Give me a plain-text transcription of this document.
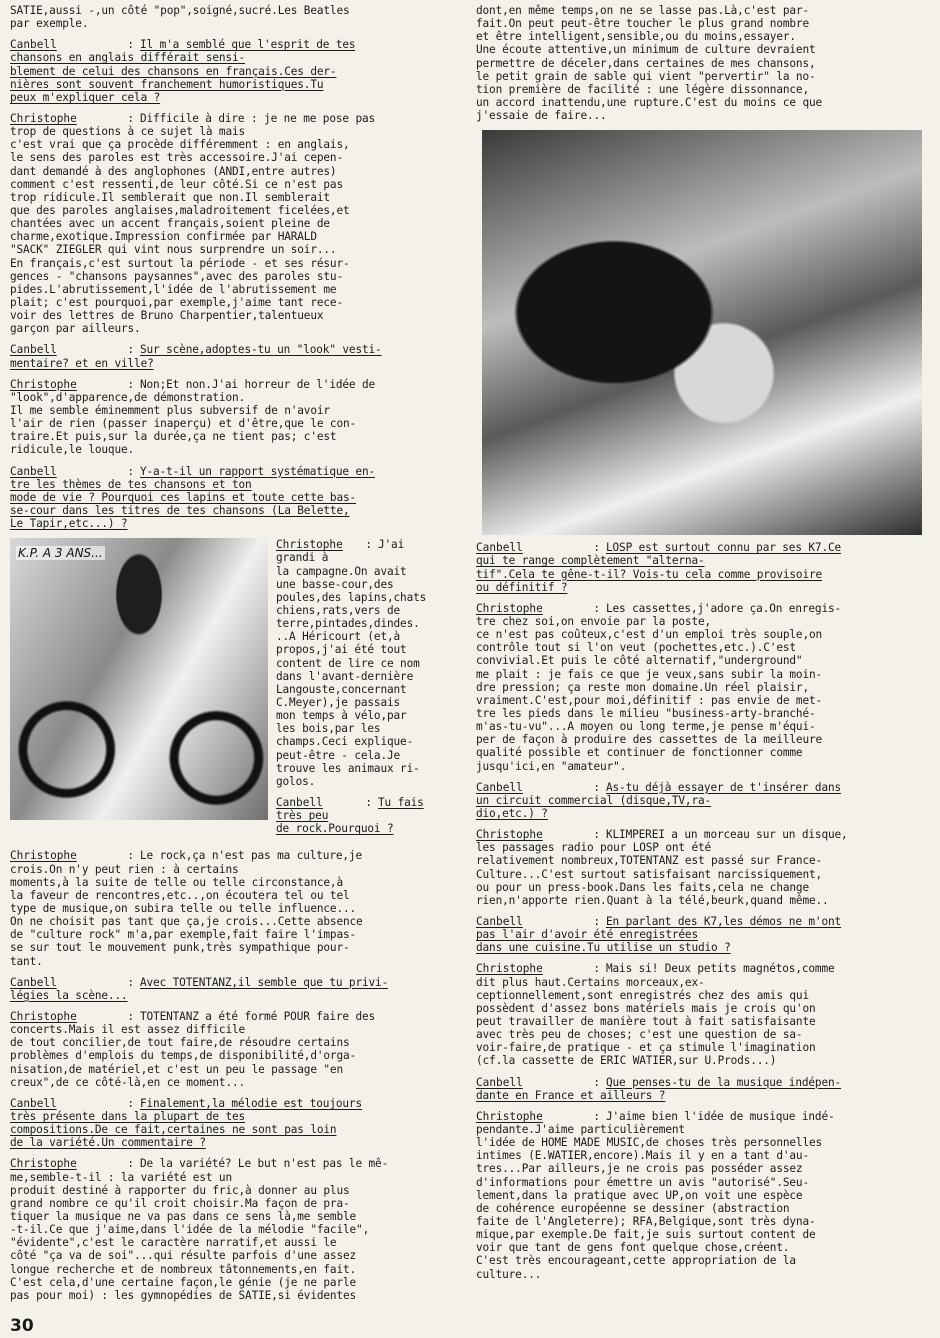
SATIE,aussi -,un côté "pop",soigné,sucré.Les Beatles
par exemple.
Canbell :	Il m'a semblé que l'esprit de tes
chansons en anglais différait sensi-
blement de celui des chansons en français.Ces der-
nières sont souvent franchement humoristiques.Tu
peux m'expliquer cela ?
Christophe :	Difficile à dire : je ne me pose pas
trop de questions à ce sujet là mais
c'est vrai que ça procède différemment : en anglais,
le sens des paroles est très accessoire.J'ai cepen-
dant demandé à des anglophones (ANDI,entre autres)
comment c'est ressenti,de leur côté.Si ce n'est pas
trop ridicule.Il semblerait que non.Il semblerait
que des paroles anglaises,maladroitement ficelées,et
chantées avec un accent français,soient pleine de
charme,exotique.Impression confirmée par HARALD
"SACK" ZIEGLER qui vint nous surprendre un soir...
En français,c'est surtout la période - et ses résur-
gences - "chansons paysannes",avec des paroles stu-
pides.L'abrutissement,l'idée de l'abrutissement me
plait; c'est pourquoi,par exemple,j'aime tant rece-
voir des lettres de Bruno Charpentier,talentueux
garçon par ailleurs.
Canbell :	Sur scène,adoptes-tu un "look" vesti-
mentaire? et en ville?
Christophe :	Non;Et non.J'ai horreur de l'idée de
"look",d'apparence,de démonstration.
Il me semble éminemment plus subversif de n'avoir
l'air de rien (passer inaperçu) et d'être,que le con-
traire.Et puis,sur la durée,ça ne tient pas; c'est
ridicule,le louque.
Canbell :	Y-a-t-il un rapport systématique en-
tre les thèmes de tes chansons et ton
mode de vie ? Pourquoi ces lapins et toute cette bas-
se-cour dans les titres de tes chansons (La Belette,
Le Tapir,etc...) ?
K.P. A 3 ANS...
Christophe :	J'ai
grandi à
la campagne.On avait
une basse-cour,des
poules,des lapins,chats
chiens,rats,vers de
terre,pintades,dindes.
..A Héricourt (et,à
propos,j'ai été tout
content de lire ce nom
dans l'avant-dernière
Langouste,concernant
C.Meyer),je passais
mon temps à vélo,par
les bois,par les
champs.Ceci explique-
peut-être - cela.Je
trouve les animaux ri-
golos.
Canbell :	Tu fais
très peu
de rock.Pourquoi ?
Christophe :	Le rock,ça n'est pas ma culture,je
crois.On n'y peut rien : à certains
moments,à la suite de telle ou telle circonstance,à
la faveur de rencontres,etc..,on écoutera tel ou tel
type de musique,on subira telle ou telle influence...
On ne choisit pas tant que ça,je crois...Cette absence
de "culture rock" m'a,par exemple,fait faire l'impas-
se sur tout le mouvement punk,très sympathique pour-
tant.
Canbell :	Avec TOTENTANZ,il semble que tu privi-
légies la scène...
Christophe :	TOTENTANZ a été formé POUR faire des
concerts.Mais il est assez difficile
de tout concilier,de tout faire,de résoudre certains
problèmes d'emplois du temps,de disponibilité,d'orga-
nisation,de matériel,et c'est un peu le passage "en
creux",de ce côté-là,en ce moment...
Canbell :	Finalement,la mélodie est toujours
très présente dans la plupart de tes
compositions.De ce fait,certaines ne sont pas loin
de la variété.Un commentaire ?
Christophe :	De la variété? Le but n'est pas le mê-
me,semble-t-il : la variété est un
produit destiné à rapporter du fric,à donner au plus
grand nombre ce qu'il croit choisir.Ma façon de pra-
tiquer la musique ne va pas dans ce sens là,me semble
-t-il.Ce que j'aime,dans l'idée de la mélodie "facile",
"évidente",c'est le caractère narratif,et aussi le
côté "ça va de soi"...qui résulte parfois d'une assez
longue recherche et de nombreux tâtonnements,en fait.
C'est cela,d'une certaine façon,le génie (je ne parle
pas pour moi) : les gymnopédies de SATIE,si évidentes
dont,en même temps,on ne se lasse pas.Là,c'est par-
fait.On peut peut-être toucher le plus grand nombre
et être intelligent,sensible,ou du moins,essayer.
Une écoute attentive,un minimum de culture devraient
permettre de déceler,dans certaines de mes chansons,
le petit grain de sable qui vient "pervertir" la no-
tion première de facilité : une légère dissonnance,
un accord inattendu,une rupture.C'est du moins ce que
j'essaie de faire...
Canbell :	LOSP est surtout connu par ses K7.Ce
qui te range complètement "alterna-
tif".Cela te gêne-t-il? Vois-tu cela comme provisoire
ou définitif ?
Christophe :	Les cassettes,j'adore ça.On enregis-
tre chez soi,on envoie par la poste,
ce n'est pas coûteux,c'est d'un emploi très souple,on
contrôle tout si l'on veut (pochettes,etc.).C'est
convivial.Et puis le côté alternatif,"underground"
me plait : je fais ce que je veux,sans subir la moin-
dre pression; ça reste mon domaine.Un réel plaisir,
vraiment.C'est,pour moi,définitif : pas envie de met-
tre les pieds dans le milieu "business-arty-branché-
m'as-tu-vu"...A moyen ou long terme,je pense m'équi-
per de façon à produire des cassettes de la meilleure
qualité possible et continuer de fonctionner comme
jusqu'ici,en "amateur".
Canbell :	As-tu déjà essayer de t'insérer dans
un circuit commercial (disque,TV,ra-
dio,etc.) ?
Christophe :	KLIMPEREI a un morceau sur un disque,
les passages radio pour LOSP ont été
relativement nombreux,TOTENTANZ est passé sur France-
Culture...C'est surtout satisfaisant narcissiquement,
ou pour un press-book.Dans les faits,cela ne change
rien,n'apporte rien.Quant à la télé,beurk,quand même..
Canbell :	En parlant des K7,les démos ne m'ont
pas l'air d'avoir été enregistrées
dans une cuisine.Tu utilise un studio ?
Christophe :	Mais si! Deux petits magnétos,comme
dit plus haut.Certains morceaux,ex-
ceptionnellement,sont enregistrés chez des amis qui
possèdent d'assez bons matériels mais je crois qu'on
peut travailler de manière tout à fait satisfaisante
avec très peu de choses; c'est une question de sa-
voir-faire,de pratique - et ça stimule l'imagination
(cf.la cassette de ERIC WATIER,sur U.Prods...)
Canbell :	Que penses-tu de la musique indépen-
dante en France et ailleurs ?
Christophe :	J'aime bien l'idée de musique indé-
pendante.J'aime particulièrement
l'idée de HOME MADE MUSIC,de choses très personnelles
intimes (E.WATIER,encore).Mais il y en a tant d'au-
tres...Par ailleurs,je ne crois pas posséder assez
d'informations pour émettre un avis "autorisé".Seu-
lement,dans la pratique avec UP,on voit une espèce
de cohérence européenne se dessiner (abstraction
faite de l'Angleterre); RFA,Belgique,sont très dyna-
mique,par exemple.De fait,je suis surtout content de
voir que tant de gens font quelque chose,créent.
C'est très encourageant,cette appropriation de la
culture...
30
